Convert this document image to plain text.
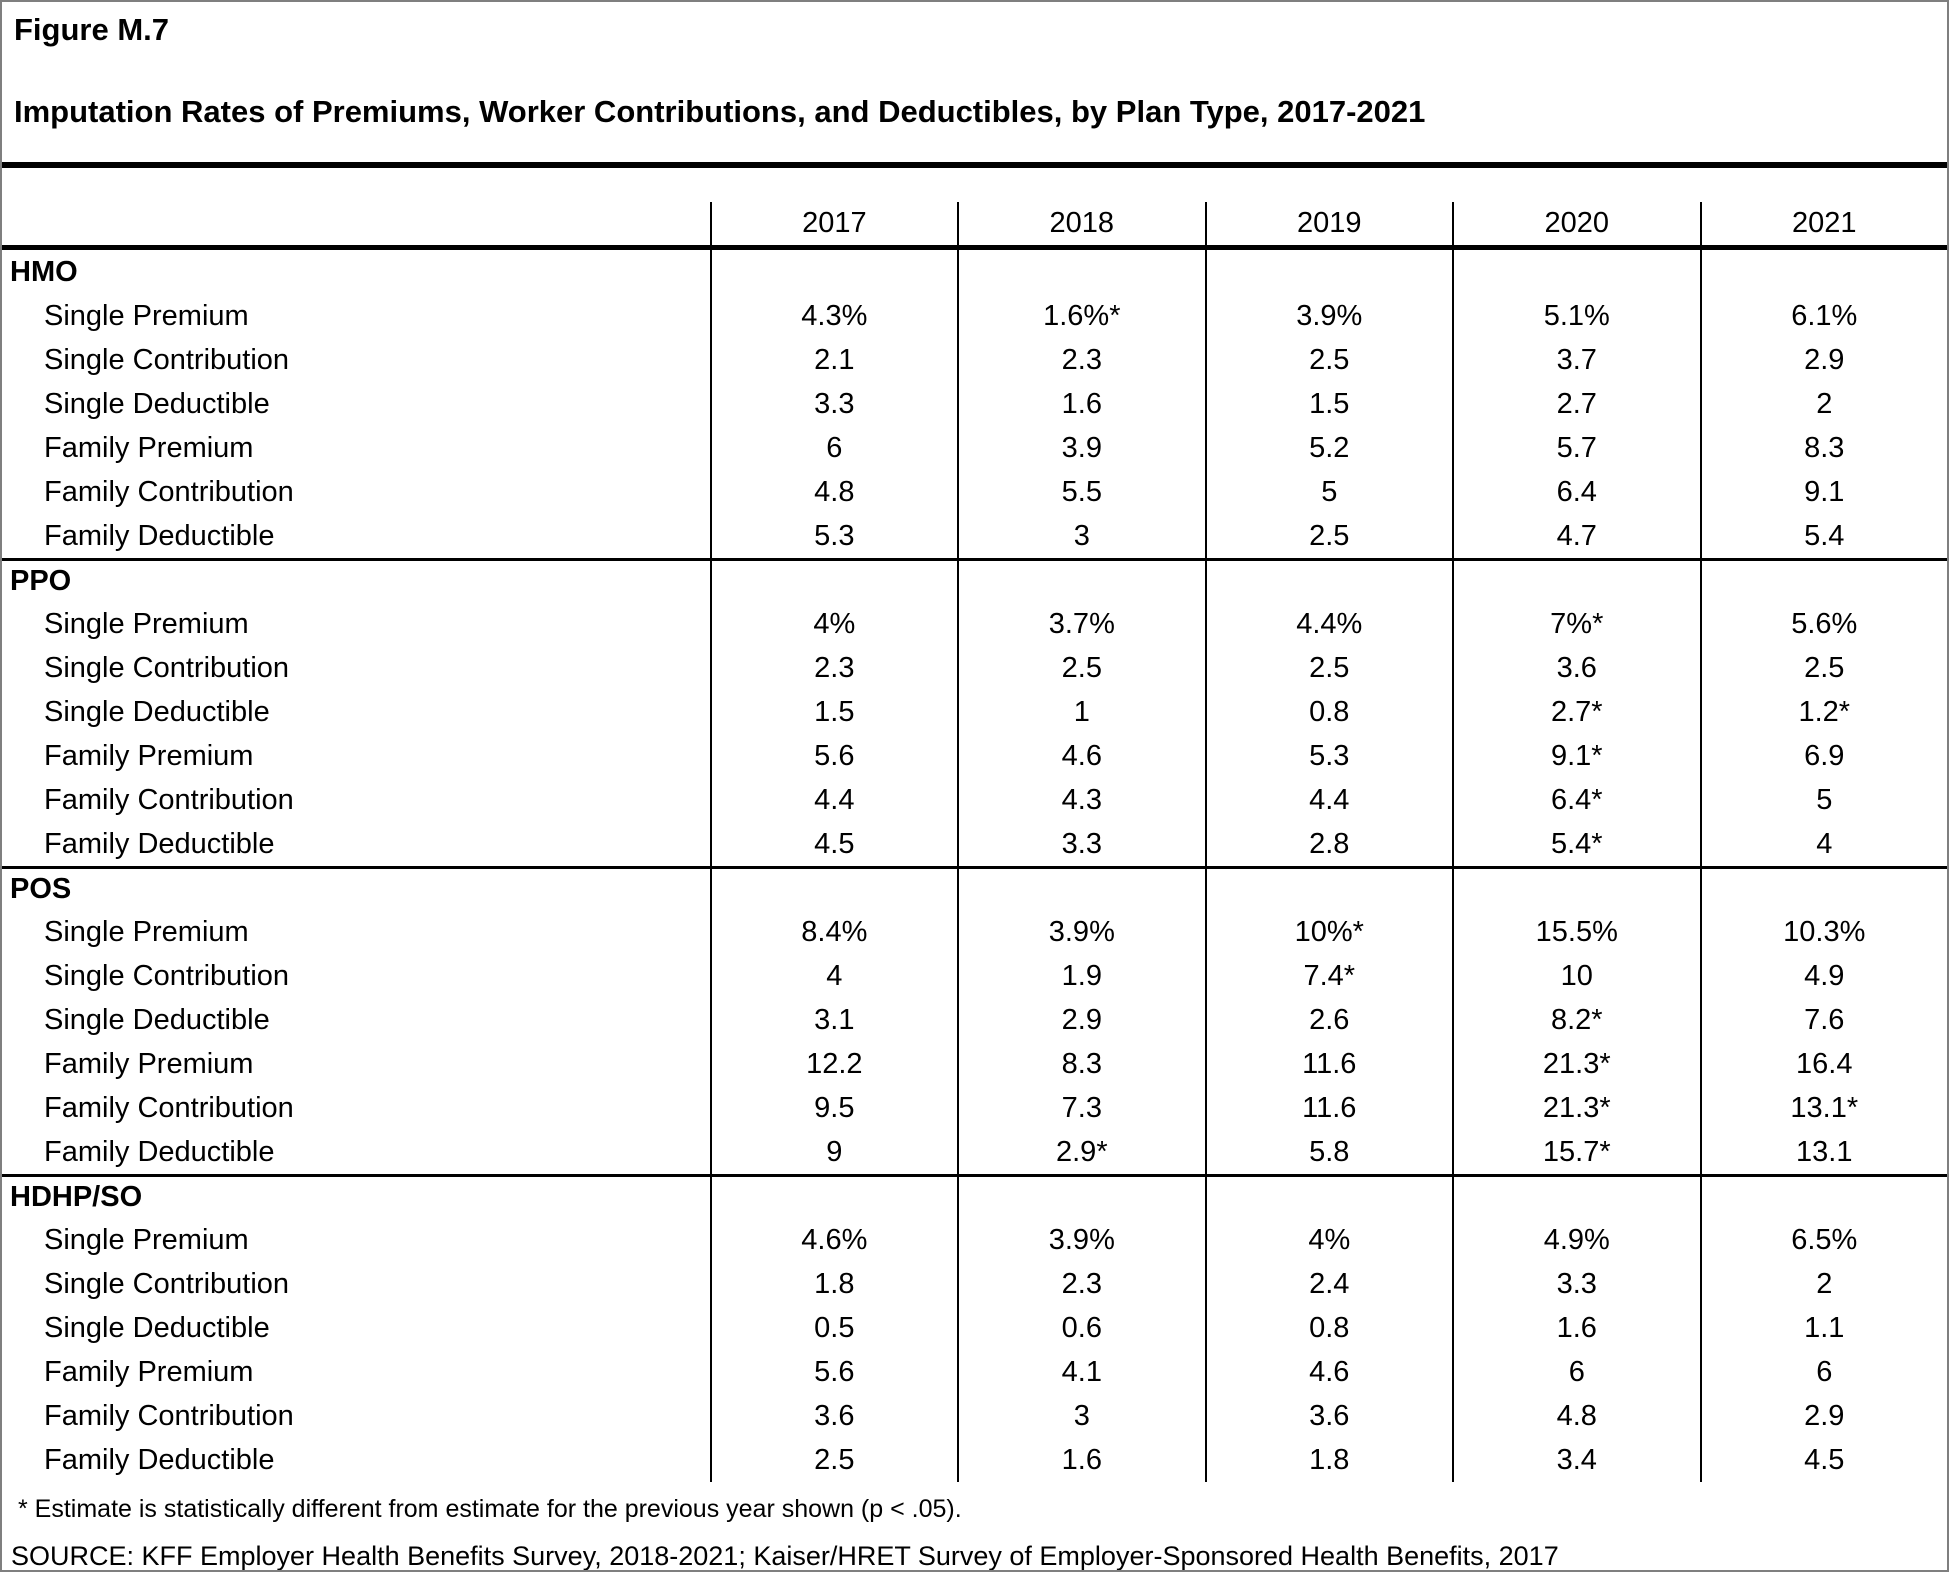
Figure M.7
Imputation Rates of Premiums, Worker Contributions, and Deductibles, by Plan Type, 2017-2021
2017	2018	2019	2020	2021
HMO
Single Premium	4.3%	1.6%*	3.9%	5.1%	6.1%
Single Contribution	2.1	2.3	2.5	3.7	2.9
Single Deductible	3.3	1.6	1.5	2.7	2
Family Premium	6	3.9	5.2	5.7	8.3
Family Contribution	4.8	5.5	5	6.4	9.1
Family Deductible	5.3	3	2.5	4.7	5.4
PPO
Single Premium	4%	3.7%	4.4%	7%*	5.6%
Single Contribution	2.3	2.5	2.5	3.6	2.5
Single Deductible	1.5	1	0.8	2.7*	1.2*
Family Premium	5.6	4.6	5.3	9.1*	6.9
Family Contribution	4.4	4.3	4.4	6.4*	5
Family Deductible	4.5	3.3	2.8	5.4*	4
POS
Single Premium	8.4%	3.9%	10%*	15.5%	10.3%
Single Contribution	4	1.9	7.4*	10	4.9
Single Deductible	3.1	2.9	2.6	8.2*	7.6
Family Premium	12.2	8.3	11.6	21.3*	16.4
Family Contribution	9.5	7.3	11.6	21.3*	13.1*
Family Deductible	9	2.9*	5.8	15.7*	13.1
HDHP/SO
Single Premium	4.6%	3.9%	4%	4.9%	6.5%
Single Contribution	1.8	2.3	2.4	3.3	2
Single Deductible	0.5	0.6	0.8	1.6	1.1
Family Premium	5.6	4.1	4.6	6	6
Family Contribution	3.6	3	3.6	4.8	2.9
Family Deductible	2.5	1.6	1.8	3.4	4.5
* Estimate is statistically different from estimate for the previous year shown (p < .05).
SOURCE: KFF Employer Health Benefits Survey, 2018-2021; Kaiser/HRET Survey of Employer-Sponsored Health Benefits, 2017
